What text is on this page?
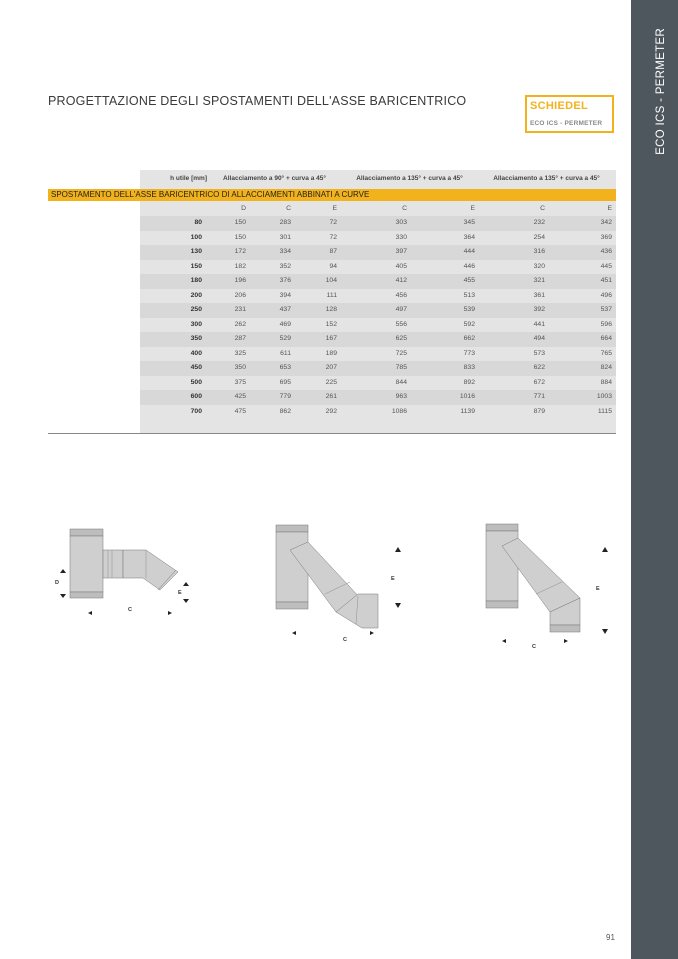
ECO ICS - PERMETER
PROGETTAZIONE DEGLI SPOSTAMENTI DELL'ASSE BARICENTRICO	SCHIEDEL
ECO ICS - PERMETER
h utile [mm]	Allacciamento a 90° + curva a 45°	Allacciamento a 135° + curva a 45°	Allacciamento a 135° + curva a 45°
SPOSTAMENTO DELL'ASSE BARICENTRICO DI ALLACCIAMENTI ABBINATI A CURVE
D	C	E	C	E	C	E
80	150	283	72	303	345	232	342
100	150	301	72	330	364	254	369
130	172	334	87	397	444	316	436
150	182	352	94	405	446	320	445
180	196	376	104	412	455	321	451
200	206	394	111	456	513	361	496
250	231	437	128	497	539	392	537
300	262	469	152	556	592	441	596
350	287	529	167	625	662	494	664
400	325	611	189	725	773	573	765
450	350	653	207	785	833	622	824
500	375	695	225	844	892	672	884
600	425	779	261	963	1016	771	1003
700	475	862	292	1086	1139	879	1115
D
C
E
E
C
E
C
91
